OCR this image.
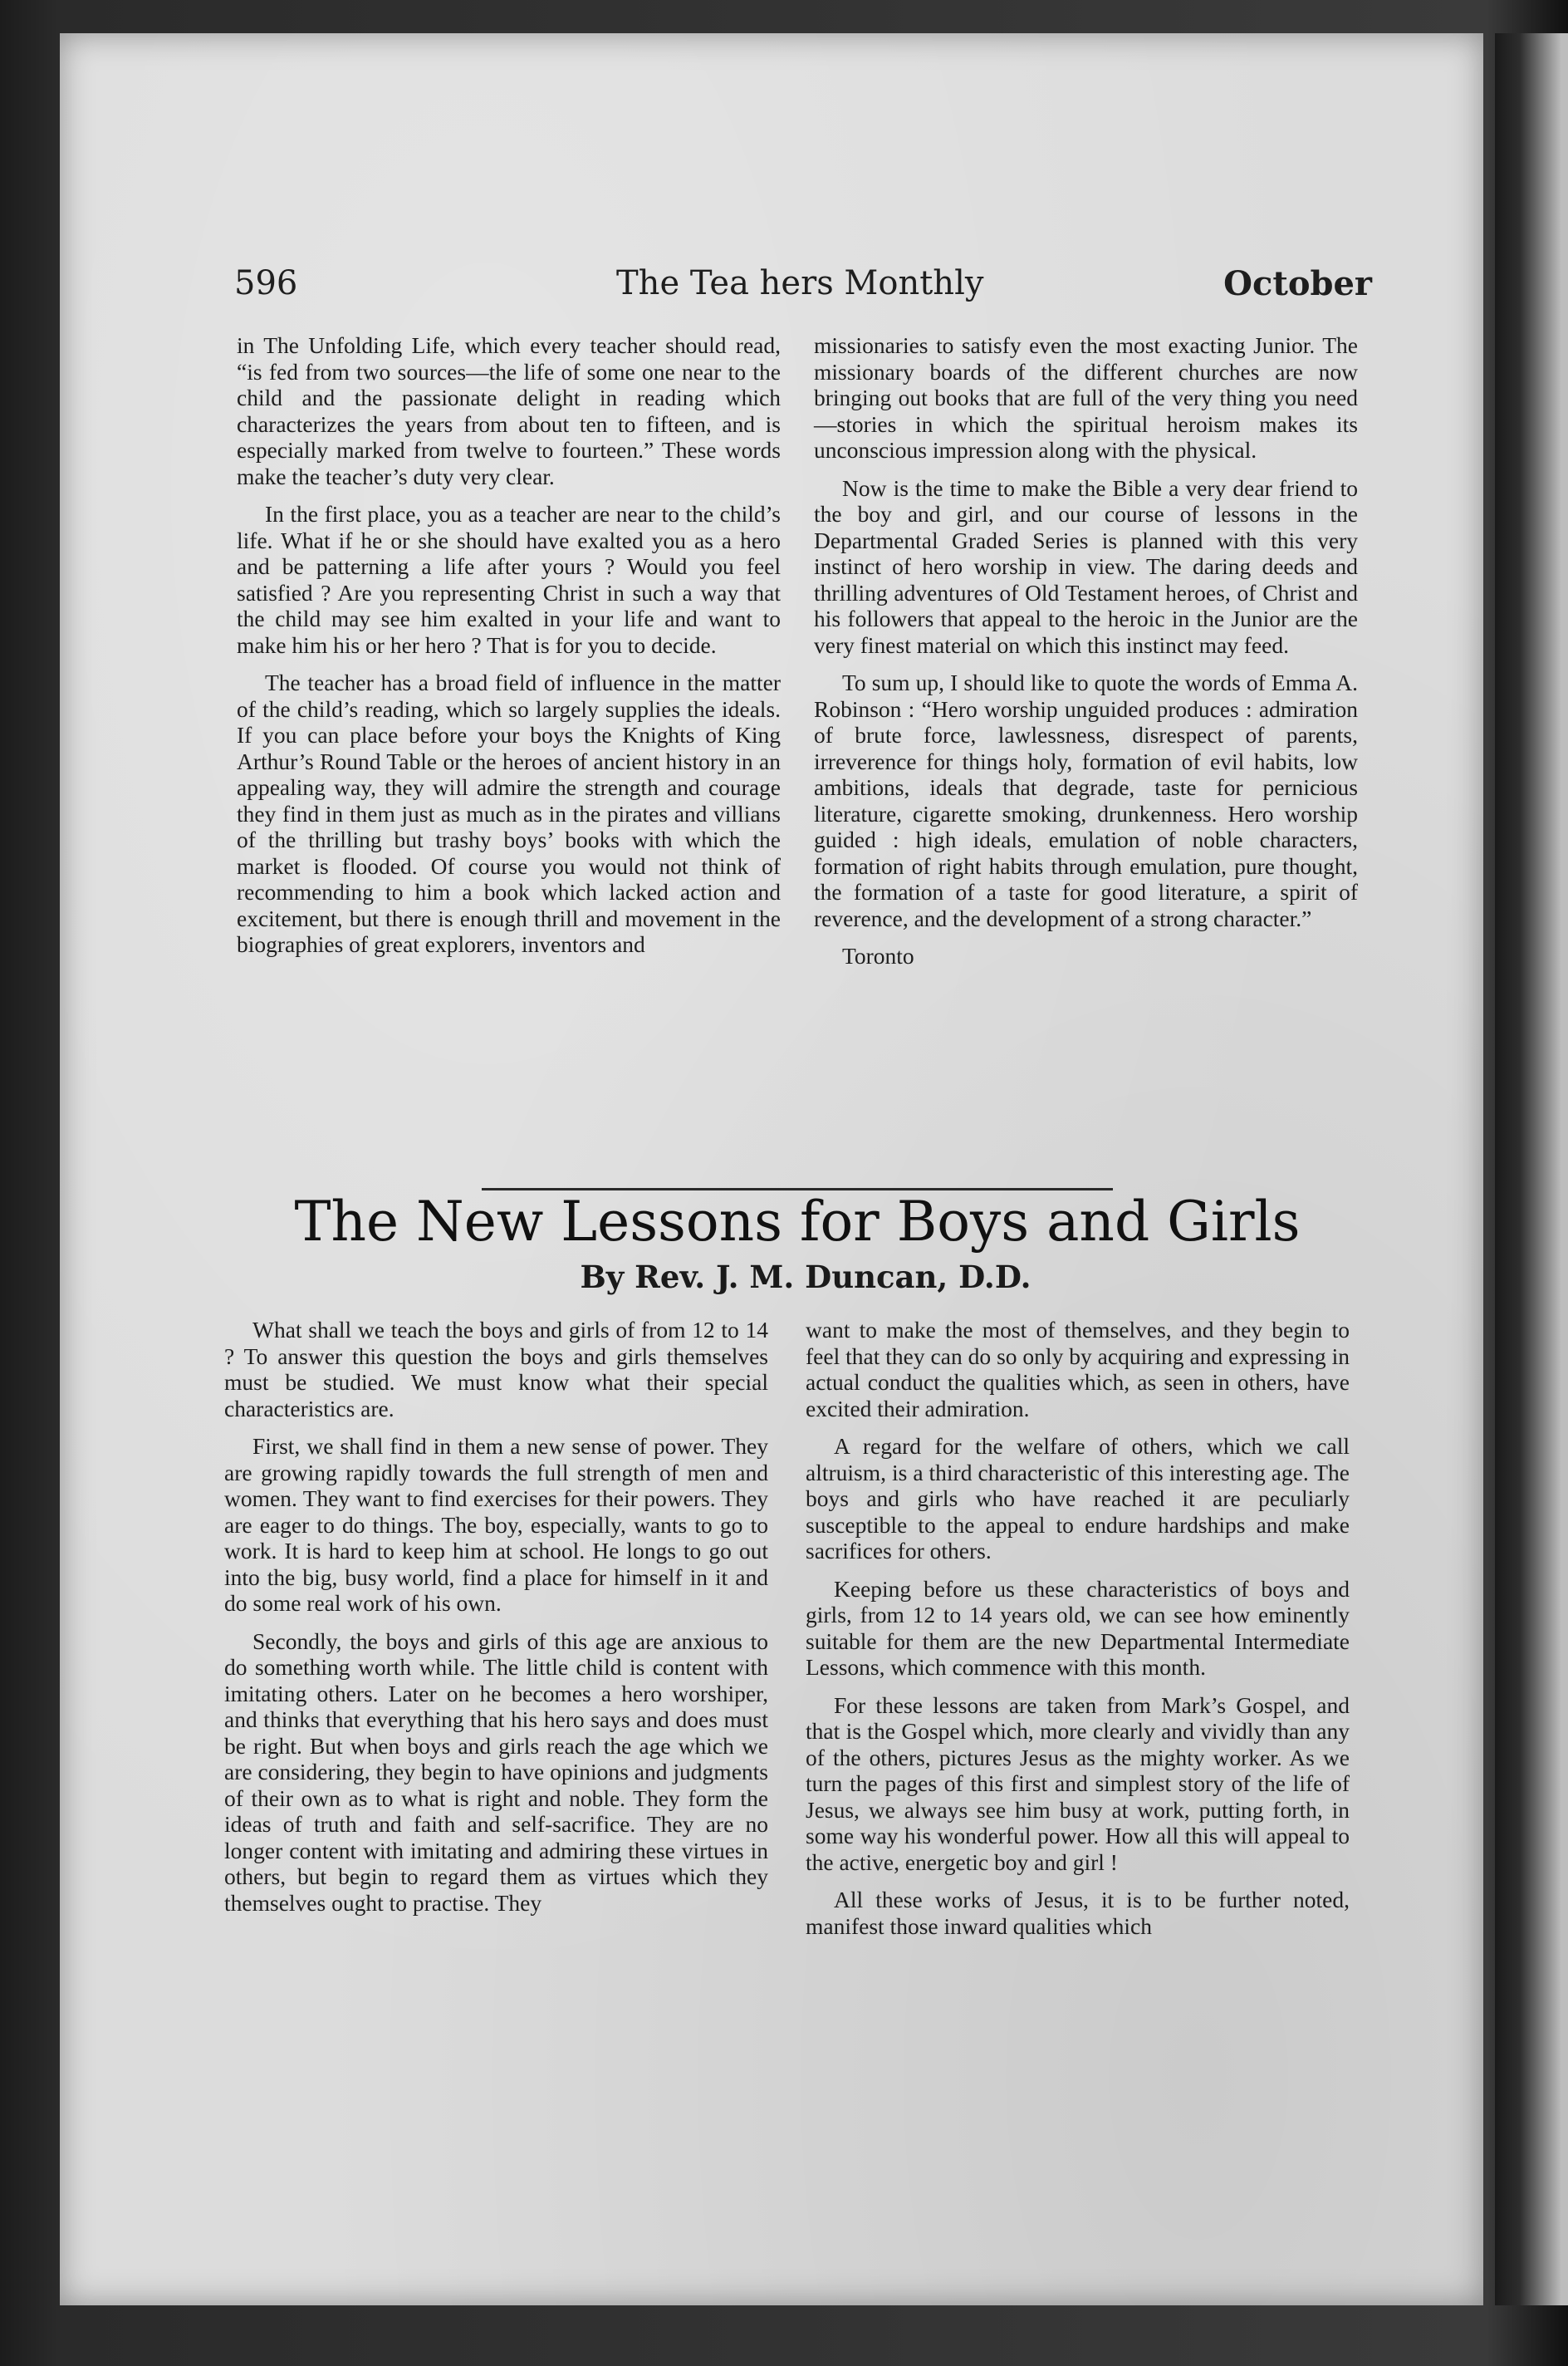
596	The Tea hers Monthly	October

in The Unfolding Life, which every teacher should read, “is fed from two sources—the life of some one near to the child and the passionate delight in reading which characterizes the years from about ten to fifteen, and is especially marked from twelve to fourteen.” These words make the teacher’s duty very clear.

In the first place, you as a teacher are near to the child’s life. What if he or she should have exalted you as a hero and be patterning a life after yours ? Would you feel satisfied ? Are you representing Christ in such a way that the child may see him exalted in your life and want to make him his or her hero ? That is for you to decide.

The teacher has a broad field of influence in the matter of the child’s reading, which so largely supplies the ideals. If you can place before your boys the Knights of King Arthur’s Round Table or the heroes of ancient history in an appealing way, they will admire the strength and courage they find in them just as much as in the pirates and villians of the thrilling but trashy boys’ books with which the market is flooded. Of course you would not think of recommending to him a book which lacked action and excitement, but there is enough thrill and movement in the biographies of great explorers, inventors and

missionaries to satisfy even the most exacting Junior. The missionary boards of the different churches are now bringing out books that are full of the very thing you need—stories in which the spiritual heroism makes its unconscious impression along with the physical.

Now is the time to make the Bible a very dear friend to the boy and girl, and our course of lessons in the Departmental Graded Series is planned with this very instinct of hero worship in view. The daring deeds and thrilling adventures of Old Testament heroes, of Christ and his followers that appeal to the heroic in the Junior are the very finest material on which this instinct may feed.

To sum up, I should like to quote the words of Emma A. Robinson : “Hero worship unguided produces : admiration of brute force, lawlessness, disrespect of parents, irreverence for things holy, formation of evil habits, low ambitions, ideals that degrade, taste for pernicious literature, cigarette smoking, drunkenness. Hero worship guided : high ideals, emulation of noble characters, formation of right habits through emulation, pure thought, the formation of a taste for good literature, a spirit of reverence, and the development of a strong character.”

Toronto

The New Lessons for Boys and Girls
By Rev. J. M. Duncan, D.D.

What shall we teach the boys and girls of from 12 to 14 ? To answer this question the boys and girls themselves must be studied. We must know what their special characteristics are.

First, we shall find in them a new sense of power. They are growing rapidly towards the full strength of men and women. They want to find exercises for their powers. They are eager to do things. The boy, especially, wants to go to work. It is hard to keep him at school. He longs to go out into the big, busy world, find a place for himself in it and do some real work of his own.

Secondly, the boys and girls of this age are anxious to do something worth while. The little child is content with imitating others. Later on he becomes a hero worshiper, and thinks that everything that his hero says and does must be right. But when boys and girls reach the age which we are considering, they begin to have opinions and judgments of their own as to what is right and noble. They form the ideas of truth and faith and self-sacrifice. They are no longer content with imitating and admiring these virtues in others, but begin to regard them as virtues which they themselves ought to practise. They

want to make the most of themselves, and they begin to feel that they can do so only by acquiring and expressing in actual conduct the qualities which, as seen in others, have excited their admiration.

A regard for the welfare of others, which we call altruism, is a third characteristic of this interesting age. The boys and girls who have reached it are peculiarly susceptible to the appeal to endure hardships and make sacrifices for others.

Keeping before us these characteristics of boys and girls, from 12 to 14 years old, we can see how eminently suitable for them are the new Departmental Intermediate Lessons, which commence with this month.

For these lessons are taken from Mark’s Gospel, and that is the Gospel which, more clearly and vividly than any of the others, pictures Jesus as the mighty worker. As we turn the pages of this first and simplest story of the life of Jesus, we always see him busy at work, putting forth, in some way his wonderful power. How all this will appeal to the active, energetic boy and girl !

All these works of Jesus, it is to be further noted, manifest those inward qualities which
